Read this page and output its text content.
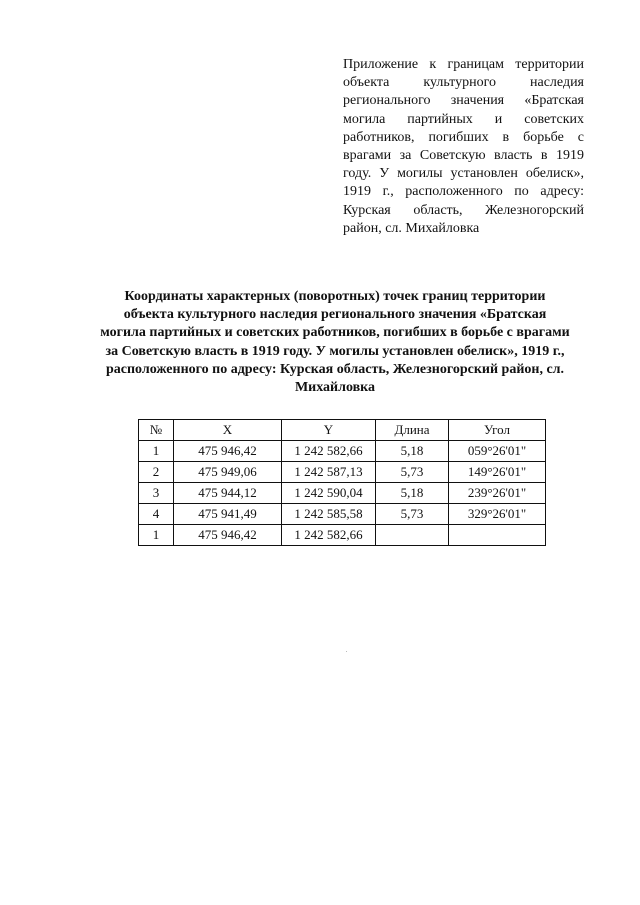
Приложение к границам территории объекта культурного наследия регионального значения «Братская могила партийных и советских работников, погибших в борьбе с врагами за Советскую власть в 1919 году. У могилы установлен обелиск», 1919 г., расположенного по адресу: Курская область, Железногорский район, сл. Михайловка
Координаты характерных (поворотных) точек границ территории объекта культурного наследия регионального значения «Братская могила партийных и советских работников, погибших в борьбе с врагами за Советскую власть в 1919 году. У могилы установлен обелиск», 1919 г., расположенного по адресу: Курская область, Железногорский район, сл. Михайловка
№	X	Y	Длина	Угол
1	475 946,42	1 242 582,66	5,18	059°26'01"
2	475 949,06	1 242 587,13	5,73	149°26'01"
3	475 944,12	1 242 590,04	5,18	239°26'01"
4	475 941,49	1 242 585,58	5,73	329°26'01"
1	475 946,42	1 242 582,66		
